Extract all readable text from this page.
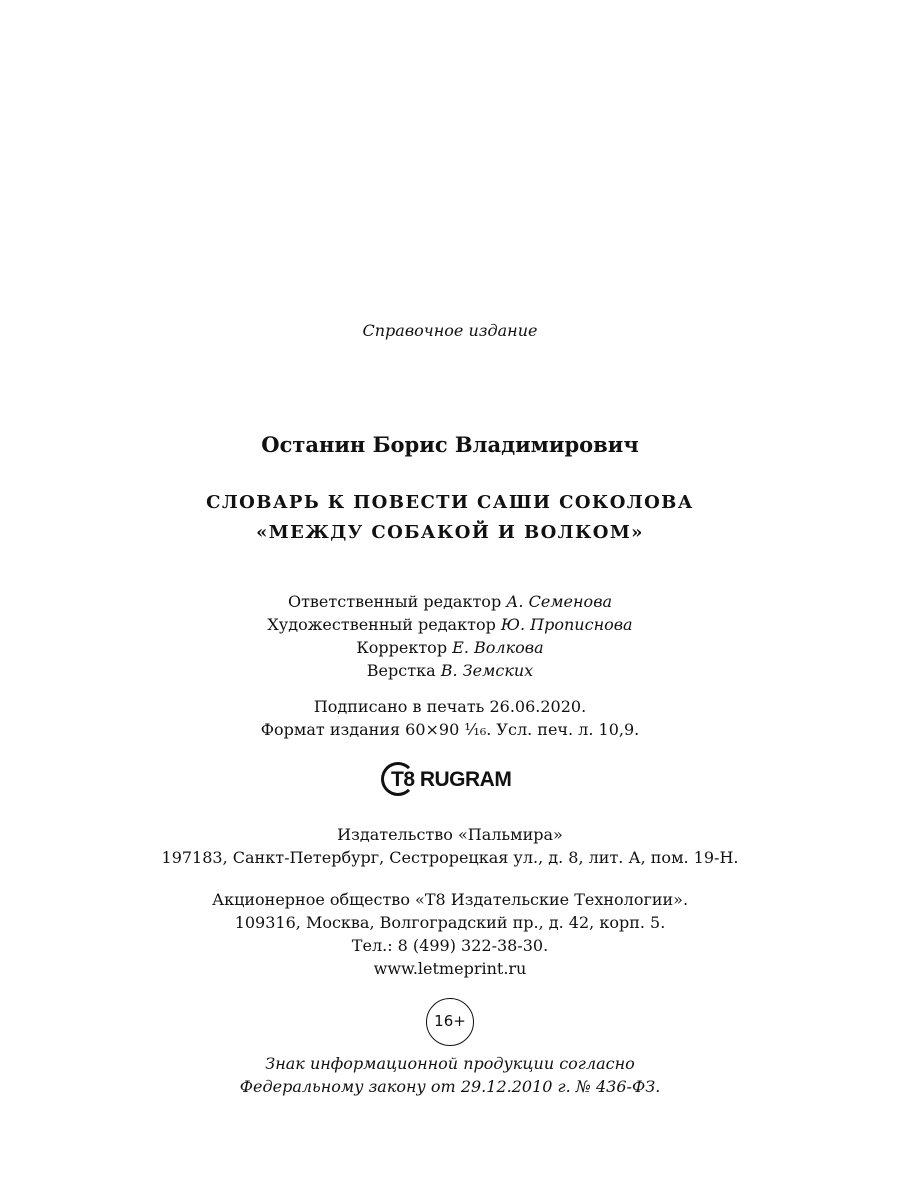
Справочное издание
Останин Борис Владимирович
СЛОВАРЬ К ПОВЕСТИ САШИ СОКОЛОВА
«МЕЖДУ СОБАКОЙ И ВОЛКОМ»
Ответственный редактор А. Семенова
Художественный редактор Ю. Прописнова
Корректор Е. Волкова
Верстка В. Земских
Подписано в печать 26.06.2020.
Формат издания 60×90 ¹⁄₁₆. Усл. печ. л. 10,9.
T8 RUGRAM
Издательство «Пальмира»
197183, Санкт-Петербург, Сестрорецкая ул., д. 8, лит. А, пом. 19-Н.
Акционерное общество «Т8 Издательские Технологии».
109316, Москва, Волгоградский пр., д. 42, корп. 5.
Тел.: 8 (499) 322-38-30.
www.letmeprint.ru
16+
Знак информационной продукции согласно
Федеральному закону от 29.12.2010 г. № 436-ФЗ.
